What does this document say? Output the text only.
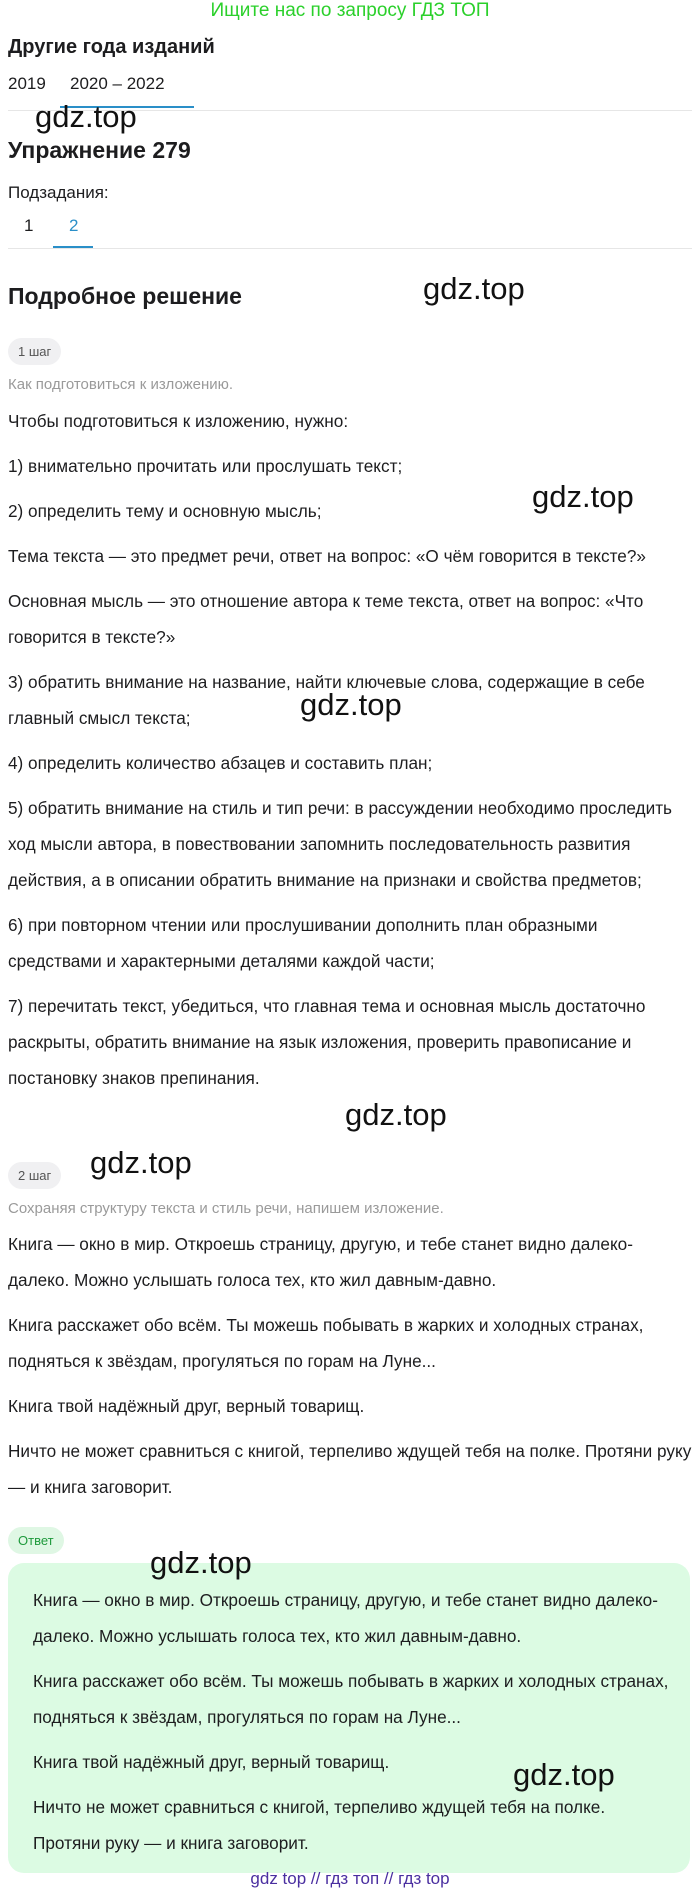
Ищите нас по запросу ГДЗ ТОП
Другие года изданий
2019 2020 – 2022
gdz.top
Упражнение 279
Подзадания:
1 2
Подробное решение	gdz.top
1 шаг
Как подготовиться к изложению.

Чтобы подготовиться к изложению, нужно:

1) внимательно прочитать или прослушать текст;

2) определить тему и основную мысль;

Тема текста — это предмет речи, ответ на вопрос: «О чём говорится в тексте?»

Основная мысль — это отношение автора к теме текста, ответ на вопрос: «Что говорится в тексте?»

3) обратить внимание на название, найти ключевые слова, содержащие в себе главный смысл текста;

4) определить количество абзацев и составить план;

5) обратить внимание на стиль и тип речи: в рассуждении необходимо проследить ход мысли автора, в повествовании запомнить последовательность развития действия, а в описании обратить внимание на признаки и свойства предметов;

6) при повторном чтении или прослушивании дополнить план образными средствами и характерными деталями каждой части;

7) перечитать текст, убедиться, что главная тема и основная мысль достаточно раскрыты, обратить внимание на язык изложения, проверить правописание и постановку знаков препинания.

gdz.top
gdz.top
gdz.top
2 шаг	gdz.top
Сохраняя структуру текста и стиль речи, напишем изложение.

Книга — окно в мир. Откроешь страницу, другую, и тебе станет видно далеко-далеко. Можно услышать голоса тех, кто жил давным-давно.

Книга расскажет обо всём. Ты можешь побывать в жарких и холодных странах, подняться к звёздам, прогуляться по горам на Луне...

Книга твой надёжный друг, верный товарищ.

Ничто не может сравниться с книгой, терпеливо ждущей тебя на полке. Протяни руку — и книга заговорит.

Ответ

Книга — окно в мир. Откроешь страницу, другую, и тебе станет видно далеко-далеко. Можно услышать голоса тех, кто жил давным-давно.

Книга расскажет обо всём. Ты можешь побывать в жарких и холодных странах, подняться к звёздам, прогуляться по горам на Луне...

Книга твой надёжный друг, верный товарищ.

Ничто не может сравниться с книгой, терпеливо ждущей тебя на полке. Протяни руку — и книга заговорит.

gdz.top
gdz.top
gdz top // гдз топ // гдз top
